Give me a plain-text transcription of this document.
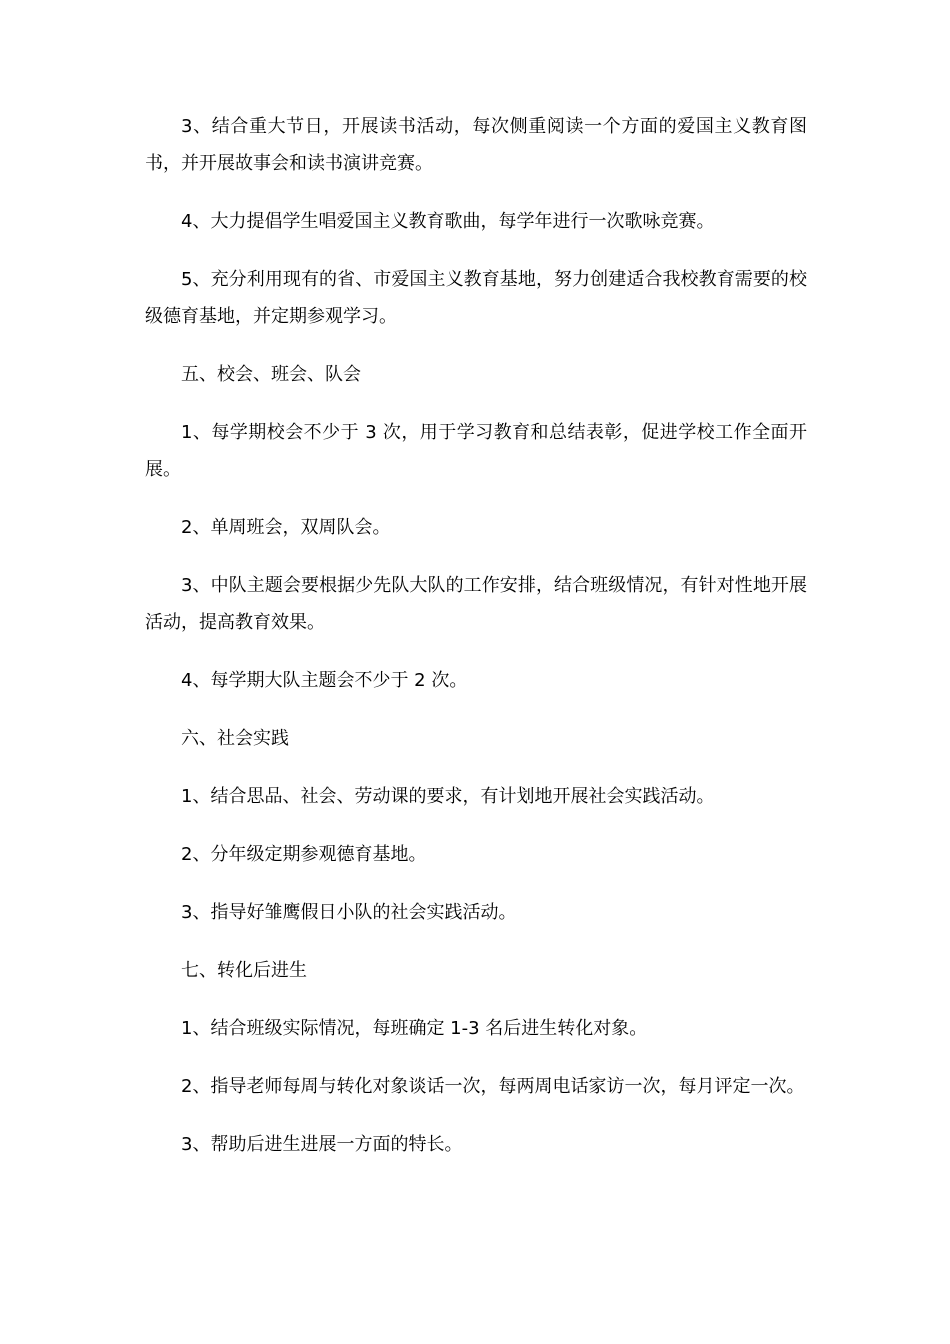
3、结合重大节日，开展读书活动，每次侧重阅读一个方面的爱国主义教育图书，并开展故事会和读书演讲竞赛。

4、大力提倡学生唱爱国主义教育歌曲，每学年进行一次歌咏竞赛。

5、充分利用现有的省、市爱国主义教育基地，努力创建适合我校教育需要的校级德育基地，并定期参观学习。

五、校会、班会、队会

1、每学期校会不少于 3 次，用于学习教育和总结表彰，促进学校工作全面开展。

2、单周班会，双周队会。

3、中队主题会要根据少先队大队的工作安排，结合班级情况，有针对性地开展活动，提高教育效果。

4、每学期大队主题会不少于 2 次。

六、社会实践

1、结合思品、社会、劳动课的要求，有计划地开展社会实践活动。

2、分年级定期参观德育基地。

3、指导好雏鹰假日小队的社会实践活动。

七、转化后进生

1、结合班级实际情况，每班确定 1-3 名后进生转化对象。

2、指导老师每周与转化对象谈话一次，每两周电话家访一次，每月评定一次。

3、帮助后进生进展一方面的特长。
